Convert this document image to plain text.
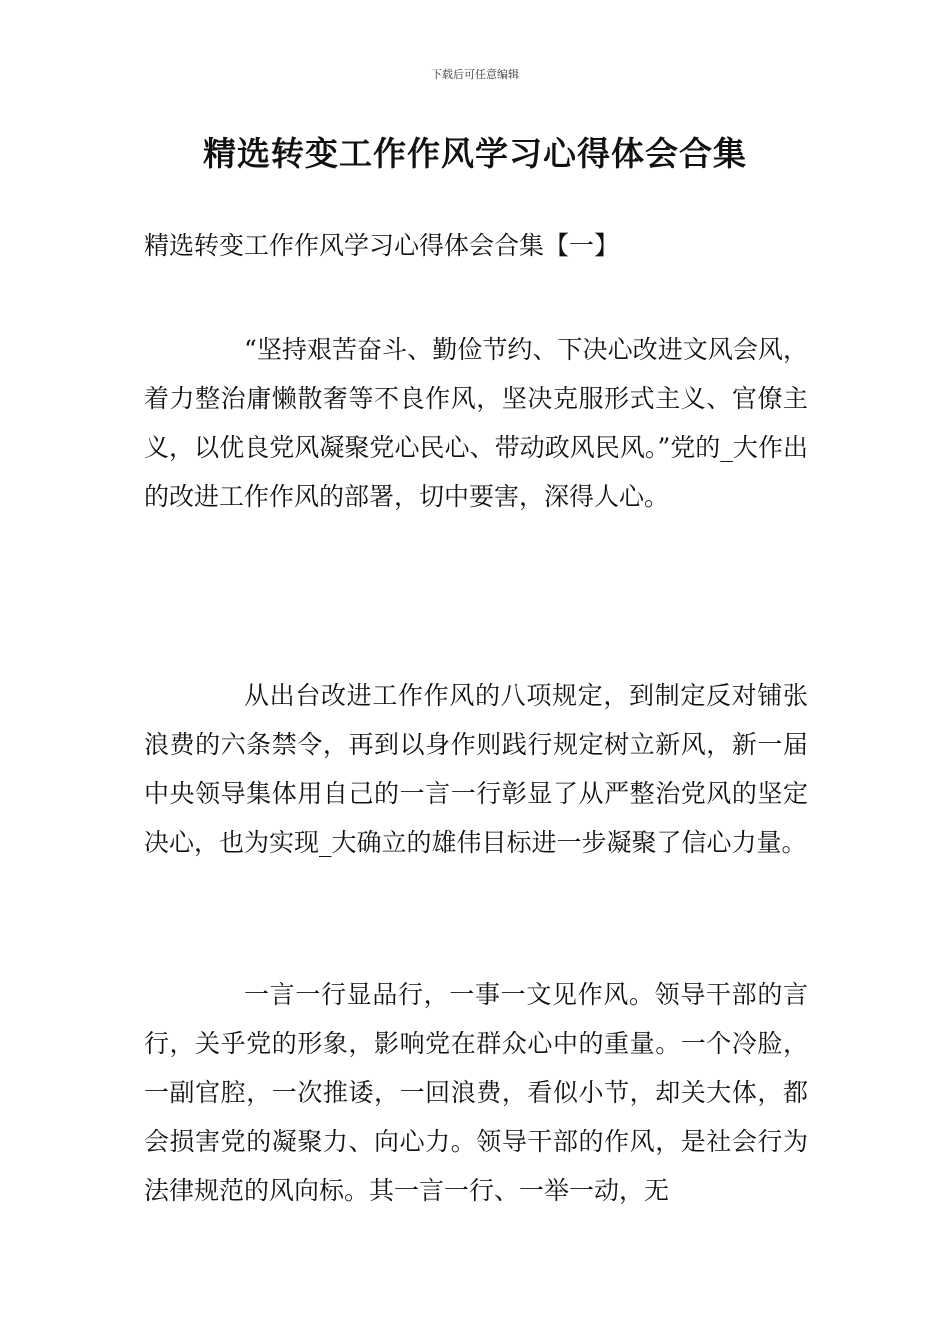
下载后可任意编辑
精选转变工作作风学习心得体会合集
精选转变工作作风学习心得体会合集【一】

“坚持艰苦奋斗、勤俭节约、下决心改进文风会风，着力整治庸懒散奢等不良作风，坚决克服形式主义、官僚主义，以优良党风凝聚党心民心、带动政风民风。”党的_大作出的改进工作作风的部署，切中要害，深得人心。

从出台改进工作作风的八项规定，到制定反对铺张浪费的六条禁令，再到以身作则践行规定树立新风，新一届中央领导集体用自己的一言一行彰显了从严整治党风的坚定决心，也为实现_大确立的雄伟目标进一步凝聚了信心力量。

一言一行显品行，一事一文见作风。领导干部的言行，关乎党的形象，影响党在群众心中的重量。一个冷脸，一副官腔，一次推诿，一回浪费，看似小节，却关大体，都会损害党的凝聚力、向心力。领导干部的作风，是社会行为法律规范的风向标。其一言一行、一举一动，无
